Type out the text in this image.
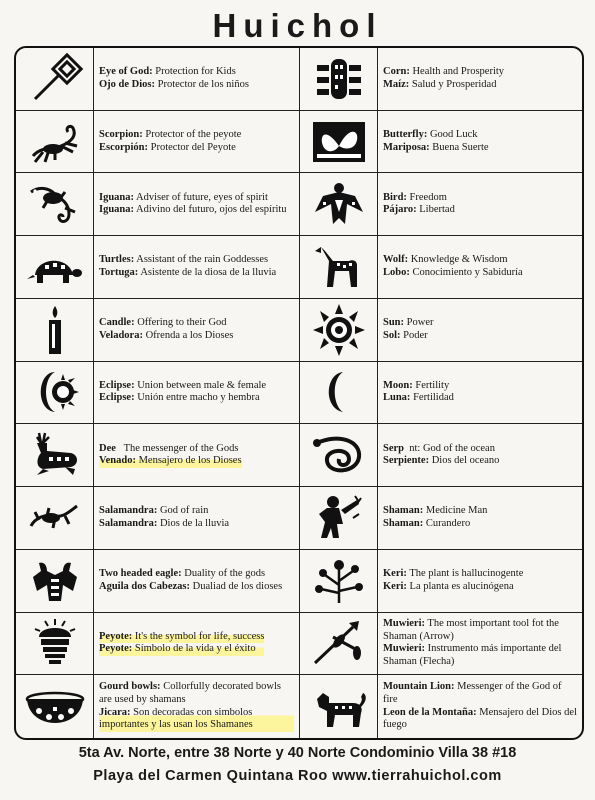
Huichol
Eye of God: Protection for Kids
Ojo de Dios: Protector de los niños
Corn: Health and Prosperity
Maíz: Salud y Prosperidad
Scorpion: Protector of the peyote
Escorpión: Protector del Peyote
Butterfly: Good Luck
Mariposa: Buena Suerte
Iguana: Adviser of future, eyes of spirit
Iguana: Adivino del futuro, ojos del espíritu
Bird: Freedom
Pájaro: Libertad
Turtles: Assistant of the rain Goddesses
Tortuga: Asistente de la diosa de la lluvia
Wolf: Knowledge & Wisdom
Lobo: Conocimiento y Sabiduría
Candle: Offering to their God
Veladora: Ofrenda a los Dioses
Sun: Power
Sol: Poder
Eclipse: Union between male & female
Eclipse: Unión entre macho y hembra
Moon: Fertility
Luna: Fertilidad
Dee   The messenger of the Gods
Venado: Mensajero de los Dioses
Serp  nt: God of the ocean
Serpiente: Dios del oceano
Salamandra: God of rain
Salamandra: Dios de la lluvia
Shaman: Medicine Man
Shaman: Curandero
Two headed eagle: Duality of the gods
Aguila dos Cabezas: Dualiad de los dioses
Keri: The plant is hallucinogente
Keri: La planta es alucinógena
Peyote: It's the symbol for life, success
Peyote: Símbolo de la vida y el éxito
Muwieri: The most important tool fot the Shaman (Arrow)
Muwieri: Instrumento más importante del Shaman (Flecha)
Gourd bowls: Collorfully decorated bowls are used by shamans
Jicara: Son decoradas con simbolos importantes y las usan los Shamanes
Mountain Lion: Messenger of the God of fire
Leon de la Montaña: Mensajero del Dios del fuego
5ta Av. Norte, entre 38 Norte y 40 Norte Condominio Villa 38 #18
Playa del Carmen Quintana Roo www.tierrahuichol.com
